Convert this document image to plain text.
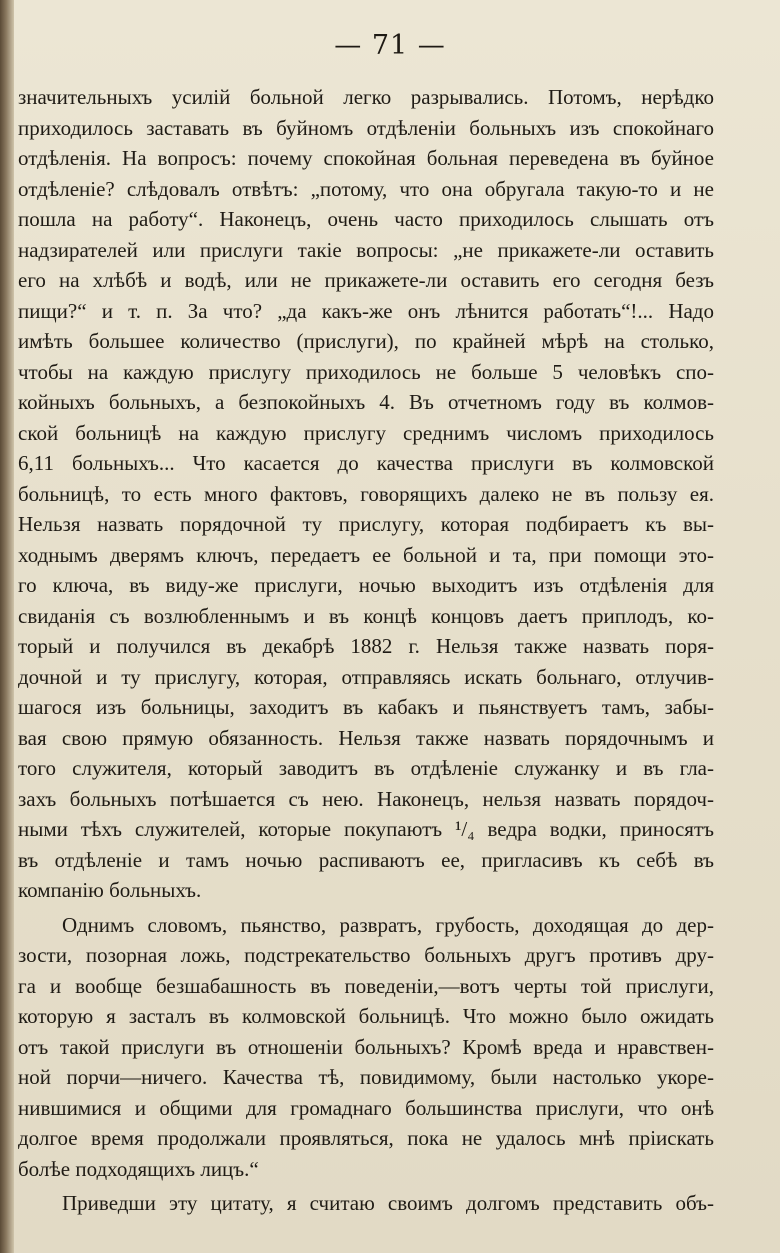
— 71 —
значительныхъ усилій больной легко разрывались. Потомъ, нерѣдко
приходилось заставать въ буйномъ отдѣленіи больныхъ изъ спокойнаго
отдѣленія. На вопросъ: почему спокойная больная переведена въ буйное
отдѣленіе? слѣдовалъ отвѣтъ: „потому, что она обругала такую-то и не
пошла на работу“. Наконецъ, очень часто приходилось слышать отъ
надзирателей или прислуги такіе вопросы: „не прикажете-ли оставить
его на хлѣбѣ и водѣ, или не прикажете-ли оставить его сегодня безъ
пищи?“ и т. п. За что? „да какъ-же онъ лѣнится работать“!... Надо
имѣть большее количество (прислуги), по крайней мѣрѣ на столько,
чтобы на каждую прислугу приходилось не больше 5 человѣкъ спо-
койныхъ больныхъ, а безпокойныхъ 4. Въ отчетномъ году въ колмов-
ской больницѣ на каждую прислугу среднимъ числомъ приходилось
6,11 больныхъ... Что касается до качества прислуги въ колмовской
больницѣ, то есть много фактовъ, говорящихъ далеко не въ пользу ея.
Нельзя назвать порядочной ту прислугу, которая подбираетъ къ вы-
ходнымъ дверямъ ключъ, передаетъ ее больной и та, при помощи это-
го ключа, въ виду-же прислуги, ночью выходитъ изъ отдѣленія для
свиданія съ возлюбленнымъ и въ концѣ концовъ даетъ приплодъ, ко-
торый и получился въ декабрѣ 1882 г. Нельзя также назвать поря-
дочной и ту прислугу, которая, отправляясь искать больнаго, отлучив-
шагося изъ больницы, заходитъ въ кабакъ и пьянствуетъ тамъ, забы-
вая свою прямую обязанность. Нельзя также назвать порядочнымъ и
того служителя, который заводитъ въ отдѣленіе служанку и въ гла-
захъ больныхъ потѣшается съ нею. Наконецъ, нельзя назвать порядоч-
ными тѣхъ служителей, которые покупаютъ ¹/₄ ведра водки, приносятъ
въ отдѣленіе и тамъ ночью распиваютъ ее, пригласивъ къ себѣ въ
компанію больныхъ.
Однимъ словомъ, пьянство, развратъ, грубость, доходящая до дер-
зости, позорная ложь, подстрекательство больныхъ другъ противъ дру-
га и вообще безшабашность въ поведеніи,—вотъ черты той прислуги,
которую я засталъ въ колмовской больницѣ. Что можно было ожидать
отъ такой прислуги въ отношеніи больныхъ? Кромѣ вреда и нравствен-
ной порчи—ничего. Качества тѣ, повидимому, были настолько укоре-
нившимися и общими для громаднаго большинства прислуги, что онѣ
долгое время продолжали проявляться, пока не удалось мнѣ пріискать
болѣе подходящихъ лицъ.“
Приведши эту цитату, я считаю своимъ долгомъ представить объ-
